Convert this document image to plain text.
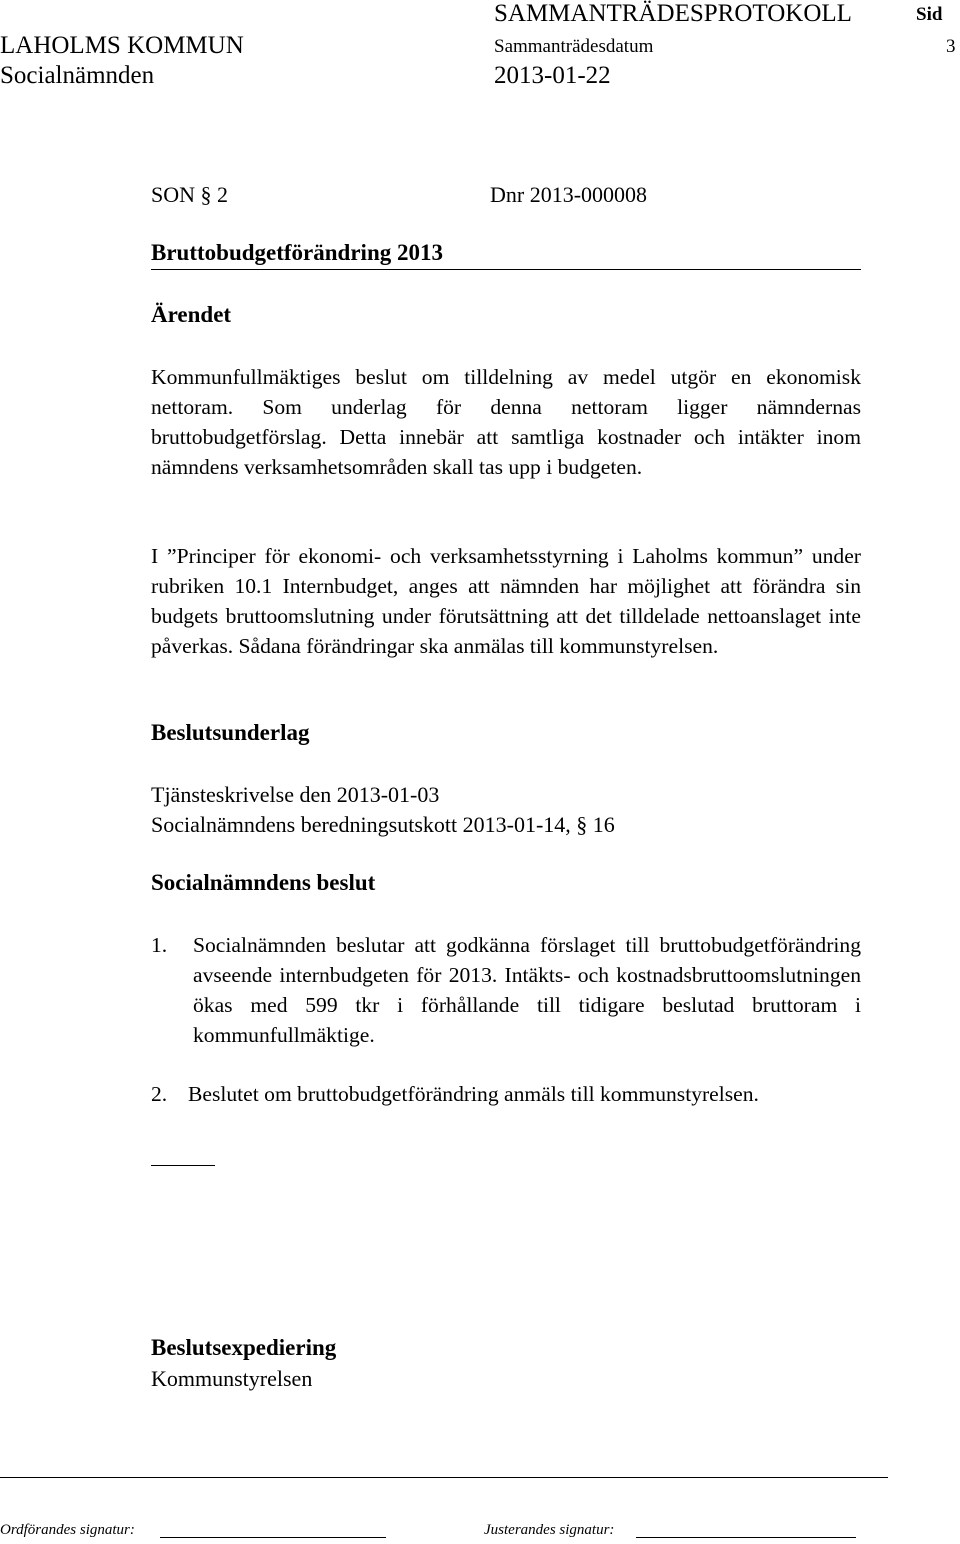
SAMMANTRÄDESPROTOKOLL	Sid
LAHOLMS KOMMUN	Sammanträdesdatum	3
Socialnämnden	2013-01-22
SON § 2	Dnr 2013-000008
Bruttobudgetförändring 2013
Ärendet
Kommunfullmäktiges beslut om tilldelning av medel utgör en ekonomisk nettoram. Som underlag för denna nettoram ligger nämndernas bruttobudgetförslag. Detta innebär att samtliga kostnader och intäkter inom nämndens verksamhetsområden skall tas upp i budgeten.
I ”Principer för ekonomi- och verksamhetsstyrning i Laholms kommun” under rubriken 10.1 Internbudget, anges att nämnden har möjlighet att förändra sin budgets bruttoomslutning under förutsättning att det tilldelade nettoanslaget inte påverkas. Sådana förändringar ska anmälas till kommunstyrelsen.
Beslutsunderlag
Tjänsteskrivelse den 2013-01-03
Socialnämndens beredningsutskott 2013-01-14, § 16
Socialnämndens beslut
1. Socialnämnden beslutar att godkänna förslaget till bruttobudgetförändring avseende internbudgeten för 2013. Intäkts- och kostnadsbruttoomslutningen ökas med 599 tkr i förhållande till tidigare beslutad bruttoram i kommunfullmäktige.
2. Beslutet om bruttobudgetförändring anmäls till kommunstyrelsen.
Beslutsexpediering
Kommunstyrelsen
Ordförandes signatur:	Justerandes signatur:
